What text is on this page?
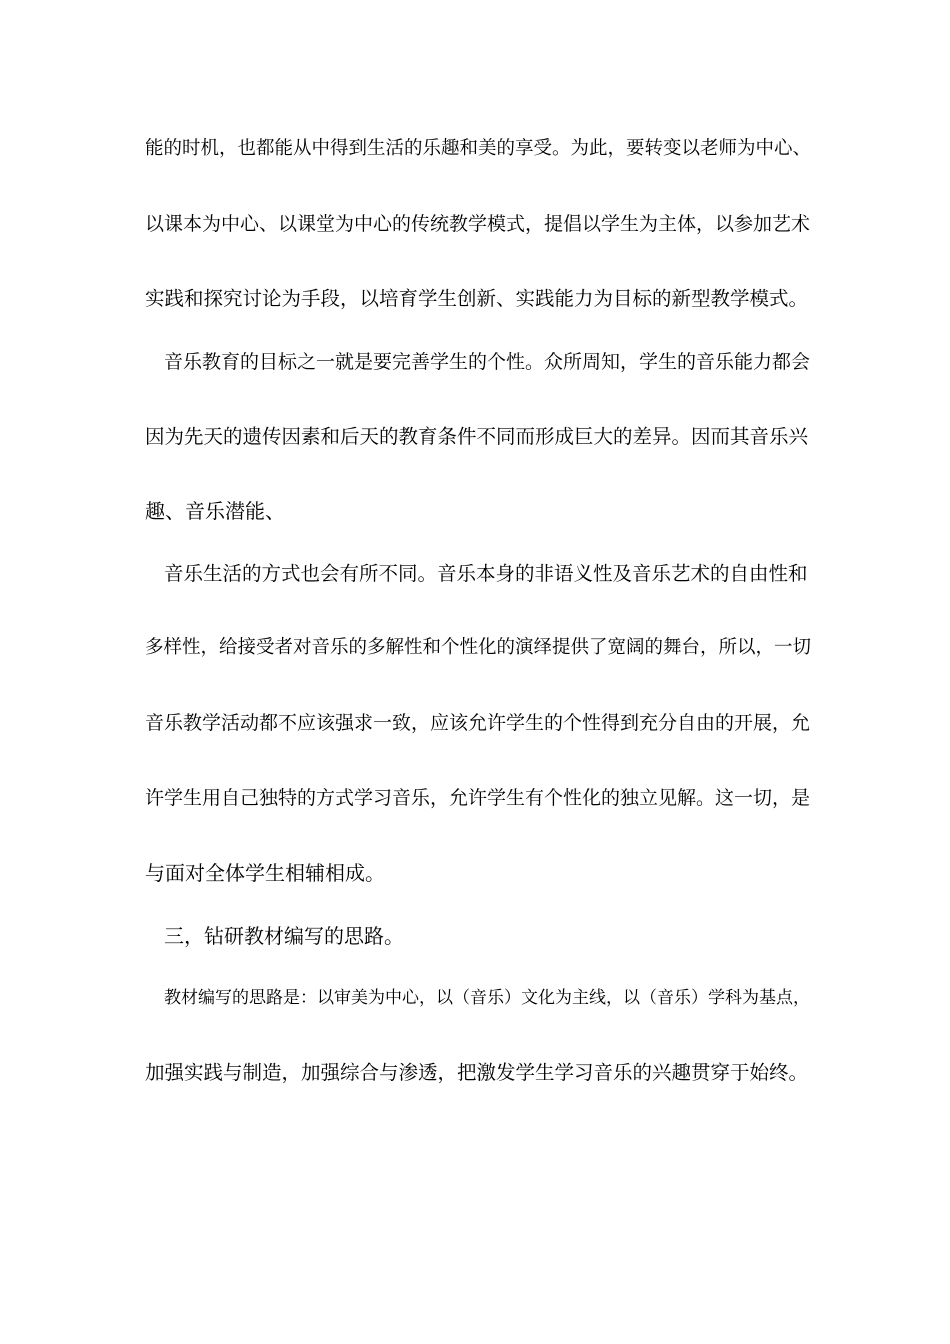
能的时机，也都能从中得到生活的乐趣和美的享受。为此，要转变以老师为中心、
以课本为中心、以课堂为中心的传统教学模式，提倡以学生为主体，以参加艺术
实践和探究讨论为手段，以培育学生创新、实践能力为目标的新型教学模式。
音乐教育的目标之一就是要完善学生的个性。众所周知，学生的音乐能力都会
因为先天的遗传因素和后天的教育条件不同而形成巨大的差异。因而其音乐兴
趣、音乐潜能、
音乐生活的方式也会有所不同。音乐本身的非语义性及音乐艺术的自由性和
多样性，给接受者对音乐的多解性和个性化的演绎提供了宽阔的舞台，所以，一切
音乐教学活动都不应该强求一致，应该允许学生的个性得到充分自由的开展，允
许学生用自己独特的方式学习音乐，允许学生有个性化的独立见解。这一切，是
与面对全体学生相辅相成。
三，钻研教材编写的思路。
教材编写的思路是：以审美为中心，以（音乐）文化为主线，以（音乐）学科为基点，
加强实践与制造，加强综合与渗透，把激发学生学习音乐的兴趣贯穿于始终。
